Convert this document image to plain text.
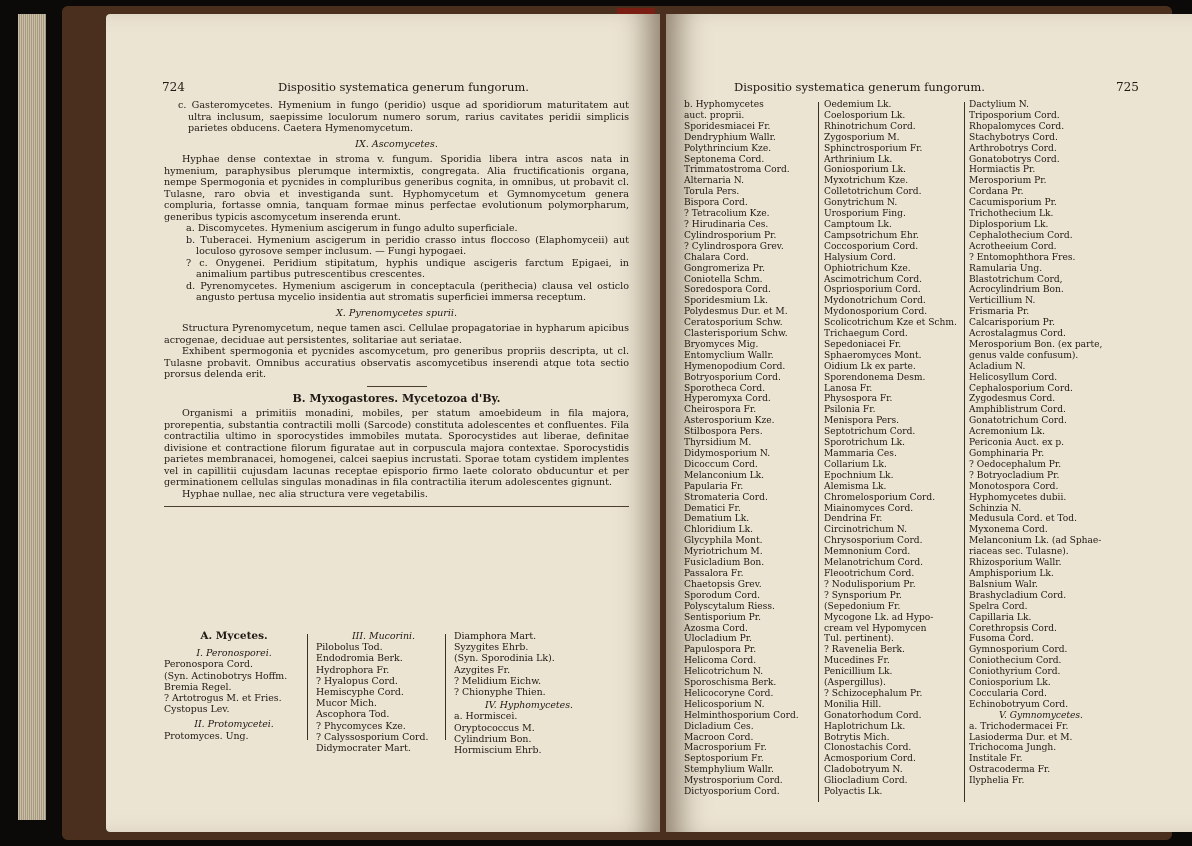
724	Dispositio systematica generum fungorum.

c. Gasteromycetes. Hymenium in fungo (peridio) usque ad sporidiorum maturitatem aut ultra inclusum, saepissime loculorum numero sorum, rarius cavitates peridii simplicis parietes obducens. Caetera Hymenomycetum.

IX. Ascomycetes.

Hyphae dense contextae in stroma v. fungum. Sporidia libera intra ascos nata in hymenium, paraphysibus plerumque intermixtis, congregata. Alia fructificationis organa, nempe Spermogonia et pycnides in compluribus generibus cognita, in omnibus, ut probavit cl. Tulasne, raro obvia et investiganda sunt. Hyphomycetum et Gymnomycetum genera compluria, fortasse omnia, tanquam formae minus perfectae evolutionum polymorpharum, generibus typicis ascomycetum inserenda erunt.

a. Discomycetes. Hymenium ascigerum in fungo adulto superficiale.

b. Tuberacei. Hymenium ascigerum in peridio crasso intus floccoso (Elaphomyceii) aut loculoso gyrosove semper inclusum. — Fungi hypogaei.

? c. Onygenei. Peridium stipitatum, hyphis undique ascigeris farctum Epigaei, in animalium partibus putrescentibus crescentes.

d. Pyrenomycetes. Hymenium ascigerum in conceptacula (perithecia) clausa vel osticlo angusto pertusa mycelio insidentia aut stromatis superficiei immersa receptum.

X. Pyrenomycetes spurii.

Structura Pyrenomycetum, neque tamen asci. Cellulae propagatoriae in hypharum apicibus acrogenae, deciduae aut persistentes, solitariae aut seriatae.

Exhibent spermogonia et pycnides ascomycetum, pro generibus propriis descripta, ut cl. Tulasne probavit. Omnibus accuratius observatis ascomycetibus inserendi atque tota sectio prorsus delenda erit.

B. Myxogastores. Mycetozoa d'By.

Organismi a primitiis monadini, mobiles, per statum amoebideum in fila majora, prorepentia, substantia contractili molli (Sarcode) constituta adolescentes et confluentes. Fila contractilia ultimo in sporocystides immobiles mutata. Sporocystides aut liberae, definitae divisione et contractione filorum figuratae aut in corpuscula majora contextae. Sporocystidis parietes membranacei, homogenei, calcei saepius incrustati. Sporae totam cystidem implentes vel in capillitii cujusdam lacunas receptae episporio firmo laete colorato obducuntur et per germinationem cellulas singulas monadinas in fila contractilia iterum adolescentes gignunt.

Hyphae nullae, nec alia structura vere vegetabilis.

A. Mycetes.
I. Peronosporei.
Peronospora Cord.
(Syn. Actinobotrys Hoffm.
Bremia Regel.
? Artotrogus M. et Fries.
Cystopus Lev.
II. Protomycetei.
Protomyces. Ung.
III. Mucorini.
Pilobolus Tod.
Endodromia Berk.
Hydrophora Fr.
? Hyalopus Cord.
Hemiscyphe Cord.
Mucor Mich.
Ascophora Tod.
? Phycomyces Kze.
? Calyssosporium Cord.
Didymocrater Mart.
Diamphora Mart.
Syzygites Ehrb.
(Syn. Sporodinia Lk).
Azygites Fr.
? Melidium Eichw.
? Chionyphe Thien.
IV. Hyphomycetes.
a. Hormiscei.
Oryptococcus M.
Cylindrium Bon.
Hormiscium Ehrb.
Dispositio systematica generum fungorum.	725
b. Hyphomycetes
auct. proprii.
Sporidesmiacei Fr.
Dendryphium Wallr.
Polythrincium Kze.
Septonema Cord.
Trimmatostroma Cord.
Alternaria N.
Torula Pers.
Bispora Cord.
? Tetracolium Kze.
? Hirudinaria Ces.
Cylindrosporium Pr.
? Cylindrospora Grev.
Chalara Cord.
Gongromeriza Pr.
Coniotella Schm.
Soredospora Cord.
Sporidesmium Lk.
Polydesmus Dur. et M.
Ceratosporium Schw.
Clasterisporium Schw.
Bryomyces Mig.
Entomyclium Wallr.
Hymenopodium Cord.
Botryosporium Cord.
Sporotheca Cord.
Hyperomyxa Cord.
Cheirospora Fr.
Asterosporium Kze.
Stilbospora Pers.
Thyrsidium M.
Didymosporium N.
Dicoccum Cord.
Melanconium Lk.
Papularia Fr.
Stromateria Cord.
Dematici Fr.
Dematium Lk.
Chloridium Lk.
Glycyphila Mont.
Myriotrichum M.
Fusicladium Bon.
Passalora Fr.
Chaetopsis Grev.
Sporodum Cord.
Polyscytalum Riess.
Sentisporium Pr.
Azosma Cord.
Ulocladium Pr.
Papulospora Pr.
Helicoma Cord.
Helicotrichum N.
Sporoschisma Berk.
Helicocoryne Cord.
Helicosporium N.
Helminthosporium Cord.
Dicladium Ces.
Macroon Cord.
Macrosporium Fr.
Septosporium Fr.
Stemphylium Wallr.
Mystrosporium Cord.
Dictyosporium Cord.
Oedemium Lk.
Coelosporium Lk.
Rhinotrichum Cord.
Zygosporium M.
Sphinctrosporium Fr.
Arthrinium Lk.
Goniosporium Lk.
Myxotrichum Kze.
Colletotrichum Cord.
Gonytrichum N.
Urosporium Fing.
Camptoum Lk.
Campsotrichum Ehr.
Coccosporium Cord.
Halysium Cord.
Ophiotrichum Kze.
Ascimotrichum Cord.
Ospriosporium Cord.
Mydonotrichum Cord.
Mydonosporium Cord.
Scolicotrichum Kze et Schm.
Trichaegum Cord.
Sepedoniacei Fr.
Sphaeromyces Mont.
Oidium Lk ex parte.
Sporendonema Desm.
Lanosa Fr.
Physospora Fr.
Psilonia Fr.
Menispora Pers.
Septotrichum Cord.
Sporotrichum Lk.
Mammaria Ces.
Collarium Lk.
Epochnium Lk.
Alemisma Lk.
Chromelosporium Cord.
Miainomyces Cord.
Dendrina Fr.
Circinotrichum N.
Chrysosporium Cord.
Memnonium Cord.
Melanotrichum Cord.
Fleootrichum Cord.
? Nodulisporium Pr.
? Synsporium Pr.
(Sepedonium Fr.
Mycogone Lk. ad Hypo-
cream vel Hypomycen
Tul. pertinent).
? Ravenelia Berk.
Mucedines Fr.
Penicillium Lk.
(Aspergillus).
? Schizocephalum Pr.
Monilia Hill.
Gonatorhodum Cord.
Haplotrichum Lk.
Botrytis Mich.
Clonostachis Cord.
Acmosporium Cord.
Cladobotryum N.
Gliocladium Cord.
Polyactis Lk.
Dactylium N.
Triposporium Cord.
Rhopalomyces Cord.
Stachybotrys Cord.
Arthrobotrys Cord.
Gonatobotrys Cord.
Hormiactis Pr.
Merosporium Pr.
Cordana Pr.
Cacumisporium Pr.
Trichothecium Lk.
Diplosporium Lk.
Cephalothecium Cord.
Acrotheeium Cord.
? Entomophthora Fres.
Ramularia Ung.
Blastotrichum Cord,
Acrocylindrium Bon.
Verticillium N.
Frismaria Pr.
Calcarisporium Pr.
Acrostalagmus Cord.
Merosporium Bon. (ex parte,
genus valde confusum).
Acladium N.
Helicosyllum Cord.
Cephalosporium Cord.
Zygodesmus Cord.
Amphiblistrum Cord.
Gonatotrichum Cord.
Acremonium Lk.
Periconia Auct. ex p.
Gomphinaria Pr.
? Oedocephalum Pr.
? Botryocladium Pr.
Monotospora Cord.
Hyphomycetes dubii.
Schinzia N.
Medusula Cord. et Tod.
Myxonema Cord.
Melanconium Lk. (ad Sphae-
riaceas sec. Tulasne).
Rhizosporium Wallr.
Amphisporium Lk.
Balsnium Walr.
Brashycladium Cord.
Spelra Cord.
Capillaria Lk.
Corethropsis Cord.
Fusoma Cord.
Gymnosporium Cord.
Coniothecium Cord.
Coniothyrium Cord.
Coniosporium Lk.
Coccularia Cord.
Echinobotryum Cord.
V. Gymnomycetes.
a. Trichodermacei Fr.
Lasioderma Dur. et M.
Trichocoma Jungh.
Institale Fr.
Ostracoderma Fr.
Ilyphelia Fr.
